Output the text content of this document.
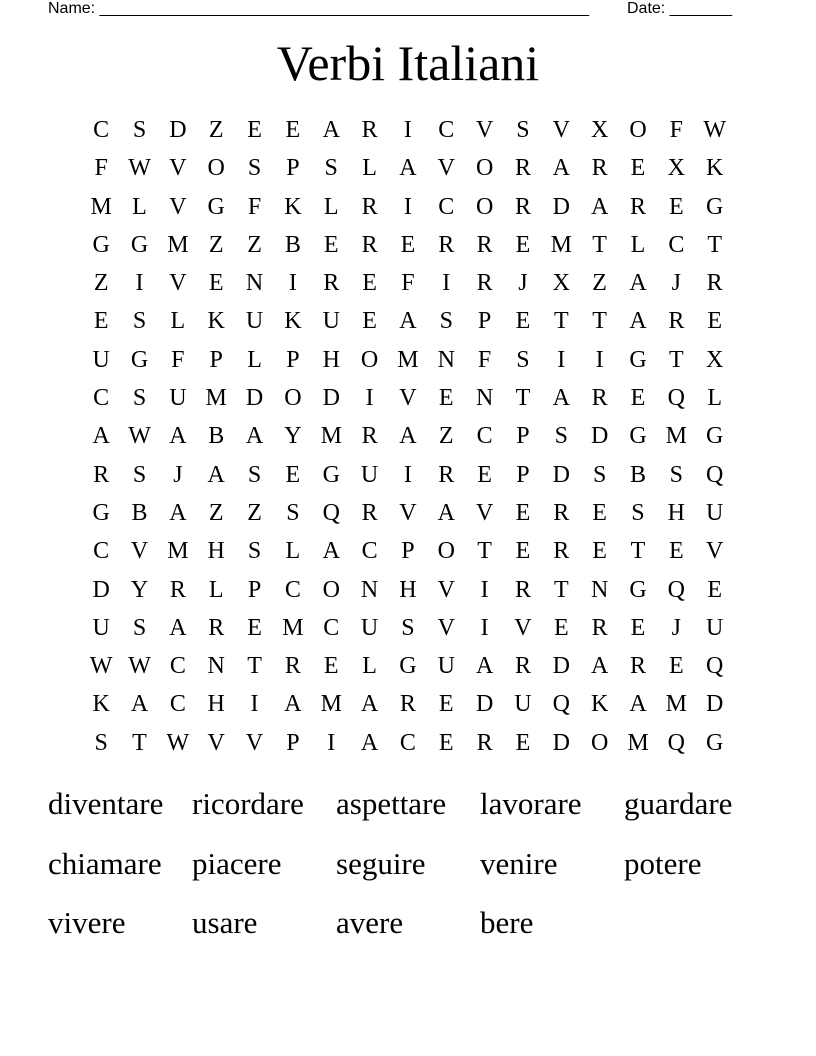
Name: _______________________________________________________ Date: _______
Verbi Italiani
C S D Z E E A R	I	C V S V X O F W
F W V O S	P	S	L A V O R A R E X K
M L V G F K L R	I	C O R D A R E G
G G M Z Z B E R E R R E M T L C T
Z	I	V E N	I	R E	F	I	R	J	X Z A	J	R
E	S	L K U K U E A S	P	E T T A R E
U G F	P	L	P H O M N F	S	I	I	G T X
C S U M D O D	I	V E N T A R E Q L
A W A B A Y M R A Z C P	S D G M G
R S	J	A S	E G U	I	R E	P D S B S Q
G B A Z Z	S Q R V A V E R E	S H U
C V M H S	L A C P O T E R E T E V
D Y R L	P C O N H V	I	R T N G Q E
U S A R E M C U S V	I	V E R E	J	U
W W C N T R E L G U A R D A R E Q
K A C H	I	A M A R E D U Q K A M D
S	T W V V P	I	A C E R E D O M Q G
diventare ricordare	aspettare	lavorare	guardare
chiamare piacere	seguire	venire	potere
vivere	usare	avere	bere
